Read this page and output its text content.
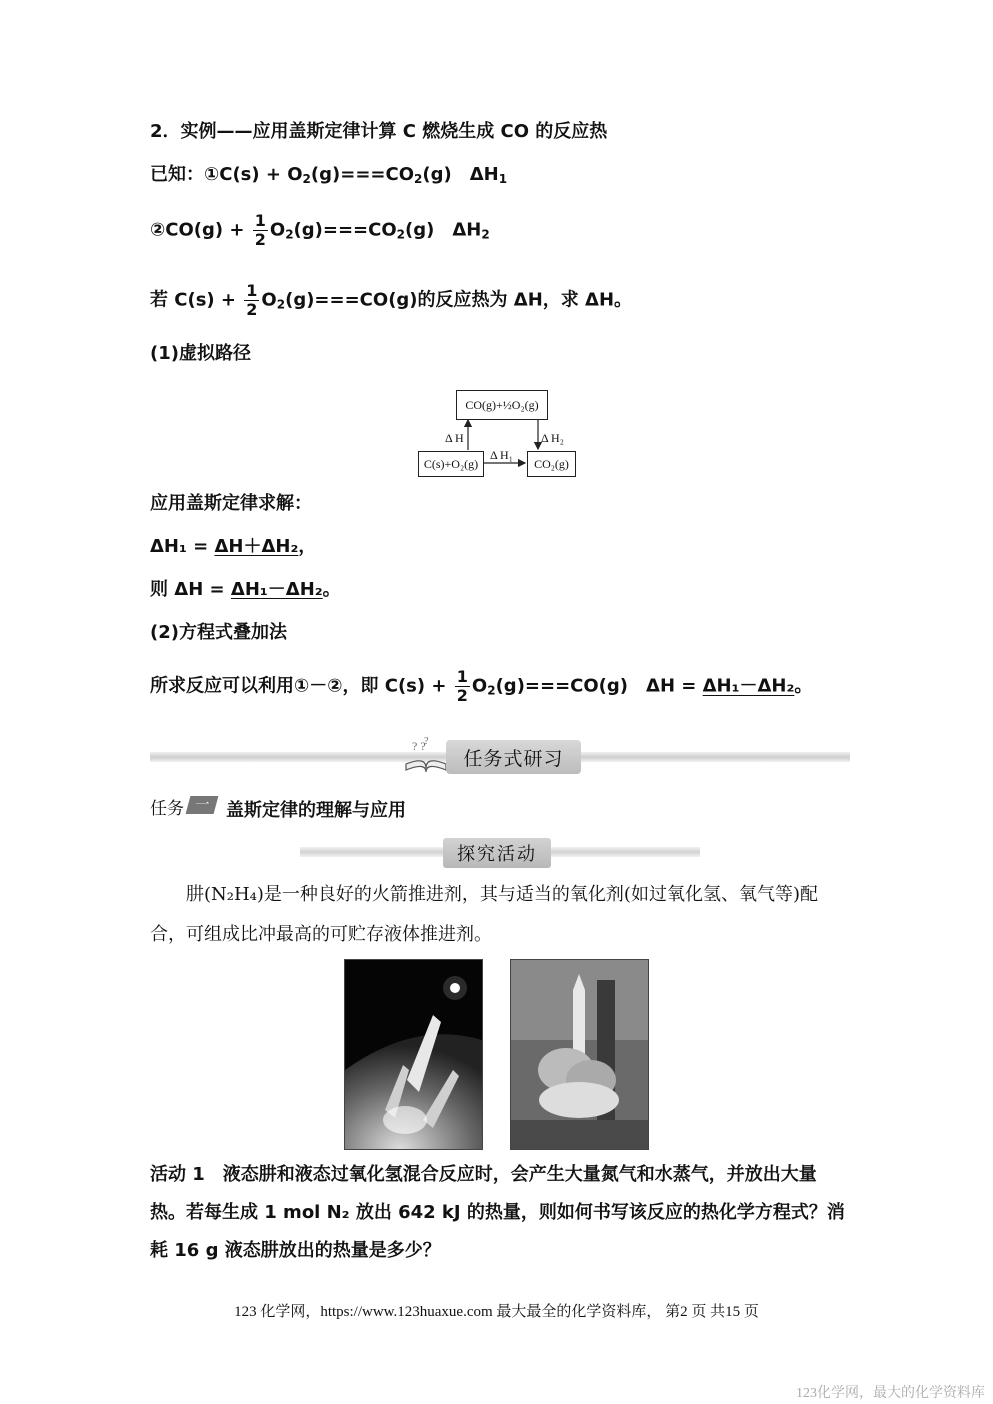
2．实例——应用盖斯定律计算 C 燃烧生成 CO 的反应热
已知：①C(s) + $O_2(g)===CO_2(g)$　$\Delta H_1$
②CO(g) + $\frac{1}{2} O_2(g)===CO_2(g)$　$\Delta H_2$
若 $C(s) + \frac{1}{2} O_2(g)===CO(g)$的反应热为 ΔH，求 ΔH。
(1)虚拟路径
CO(g)+½O₂(g)
C(s)+O₂(g)	CO₂(g)
Δ H	Δ H₂
Δ H₁
应用盖斯定律求解：
ΔH₁ = ΔH＋ΔH₂，
则 ΔH = ΔH₁－ΔH₂。
(2)方程式叠加法
所求反应可以利用①－②，即 $C(s) + \frac{1}{2} O_2(g)===CO(g)$　ΔH = ΔH₁－ΔH₂。
? ?
?
任务式研习
任务 一 盖斯定律的理解与应用
探究活动
肼(N₂H₄)是一种良好的火箭推进剂，其与适当的氧化剂(如过氧化氢、氧气等)配合，可组成比冲最高的可贮存液体推进剂。
活动 1　液态肼和液态过氧化氢混合反应时，会产生大量氮气和水蒸气，并放出大量热。若每生成 1 mol N₂ 放出 642 kJ 的热量，则如何书写该反应的热化学方程式？消耗 16 g 液态肼放出的热量是多少？
123 化学网，https://www.123huaxue.com 最大最全的化学资料库， 第2 页 共15 页
123化学网，最大的化学资料库
